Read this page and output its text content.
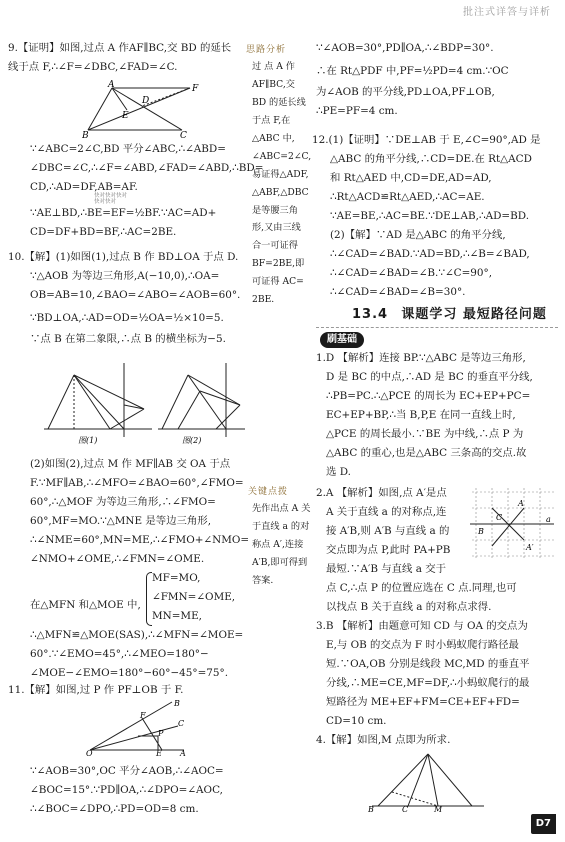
批注式详答与详析
9.【证明】如图,过点 A 作AF∥BC,交 BD 的延长
线于点 F,∴∠F=∠DBC,∠FAD=∠C.
A	F
D
E
B	C
∵∠ABC=2∠C,BD 平分∠ABC,∴∠ABD=
∠DBC=∠C,∴∠F=∠ABD,∠FAD=∠ABD,∴BD=
CD,∴AD=DF,AB=AF.
快对快对快对
快对快对
∵AE⊥BD,∴BE=EF=½BF.∵AC=AD+
CD=DF+BD=BF,∴AC=2BE.
10.【解】(1)如图(1),过点 B 作 BD⊥OA 于点 D.
∵△AOB 为等边三角形,A(−10,0),∴OA=
OB=AB=10,∠BAO=∠ABO=∠AOB=60°.
∵BD⊥OA,∴AD=OD=½OA=½×10=5.
∵点 B 在第二象限,∴点 B 的横坐标为−5.
图(1)	图(2)
(2)如图(2),过点 M 作 MF∥AB 交 OA 于点
F.∵MF∥AB,∴∠MFO=∠BAO=60°,∠FMO=
60°,∴△MOF 为等边三角形,∴∠FMO=
60°,MF=MO.∵△MNE 是等边三角形,
∴∠NME=60°,MN=ME,∴∠FMO+∠NMO=
∠NMO+∠OME,∴∠FMN=∠OME.
在△MFN 和△MOE 中,
MF=MO,
∠FMN=∠OME,
MN=ME,
∴△MFN≌△MOE(SAS),∴∠MFN=∠MOE=
60°.∵∠EMO=45°,∴∠MEO=180°−
∠MOE−∠EMO=180°−60°−45°=75°.
11.【解】如图,过 P 作 PF⊥OB 于 F.
B
C
F
P
O	E A
∵∠AOB=30°,OC 平分∠AOB,∴∠AOC=
∠BOC=15°.∵PD∥OA,∴∠DPO=∠AOC,
∴∠BOC=∠DPO,∴PD=OD=8 cm.
思路分析
过 点 A 作
AF∥BC,交
BD 的延长线
于点 F,在
△ABC 中,
∠ABC=2∠C,
易证得△ADF,
△ABF,△DBC
是等腰三角
形,又由三线
合一可证得
BF=2BE,即
可证得 AC=
2BE.
关键点拨
先作出点 A 关
于直线 a 的对
称点 A′,连接
A′B,即可得到
答案.
∵∠AOB=30°,PD∥OA,∴∠BDP=30°.
∴在 Rt△PDF 中,PF=½PD=4 cm.∵OC
为∠AOB 的平分线,PD⊥OA,PF⊥OB,
∴PE=PF=4 cm.
12.(1)【证明】∵DE⊥AB 于 E,∠C=90°,AD 是
△ABC 的角平分线,∴CD=DE.在 Rt△ACD
和 Rt△AED 中,CD=DE,AD=AD,
∴Rt△ACD≌Rt△AED,∴AC=AE.
∵AE=BE,∴AC=BE.∵DE⊥AB,∴AD=BD.
(2)【解】∵AD 是△ABC 的角平分线,
∴∠CAD=∠BAD.∵AD=BD,∴∠B=∠BAD,
∴∠CAD=∠BAD=∠B.∵∠C=90°,
∴∠CAD=∠BAD=∠B=30°.
13.4 课题学习 最短路径问题
刷基础
1.D 【解析】连接 BP.∵△ABC 是等边三角形,
D 是 BC 的中点,∴AD 是 BC 的垂直平分线,
∴PB=PC.∴△PCE 的周长为 EC+EP+PC=
EC+EP+BP,∴当 B,P,E 在同一直线上时,
△PCE 的周长最小.∵BE 为中线,∴点 P 为
△ABC 的重心,也是△ABC 三条高的交点.故
选 D.
2.A 【解析】如图,点 A′是点
A 关于直线 a 的对称点,连
接 A′B,则 A′B 与直线 a 的
交点即为点 P,此时 PA+PB
最短.∵A′B 与直线 a 交于
A
B
a
C
A′
点 C,∴点 P 的位置应选在 C 点.同理,也可
以找点 B 关于直线 a 的对称点求得.
3.B 【解析】由题意可知 CD 与 OA 的交点为
E,与 OB 的交点为 F 时小蚂蚁爬行路径最
短.∵OA,OB 分别是线段 MC,MD 的垂直平
分线,∴ME=CE,MF=DF,∴小蚂蚁爬行的最
短路径为 ME+EF+FM=CE+EF+FD=
CD=10 cm.
4.【解】如图,M 点即为所求.
B	C	M
D7
